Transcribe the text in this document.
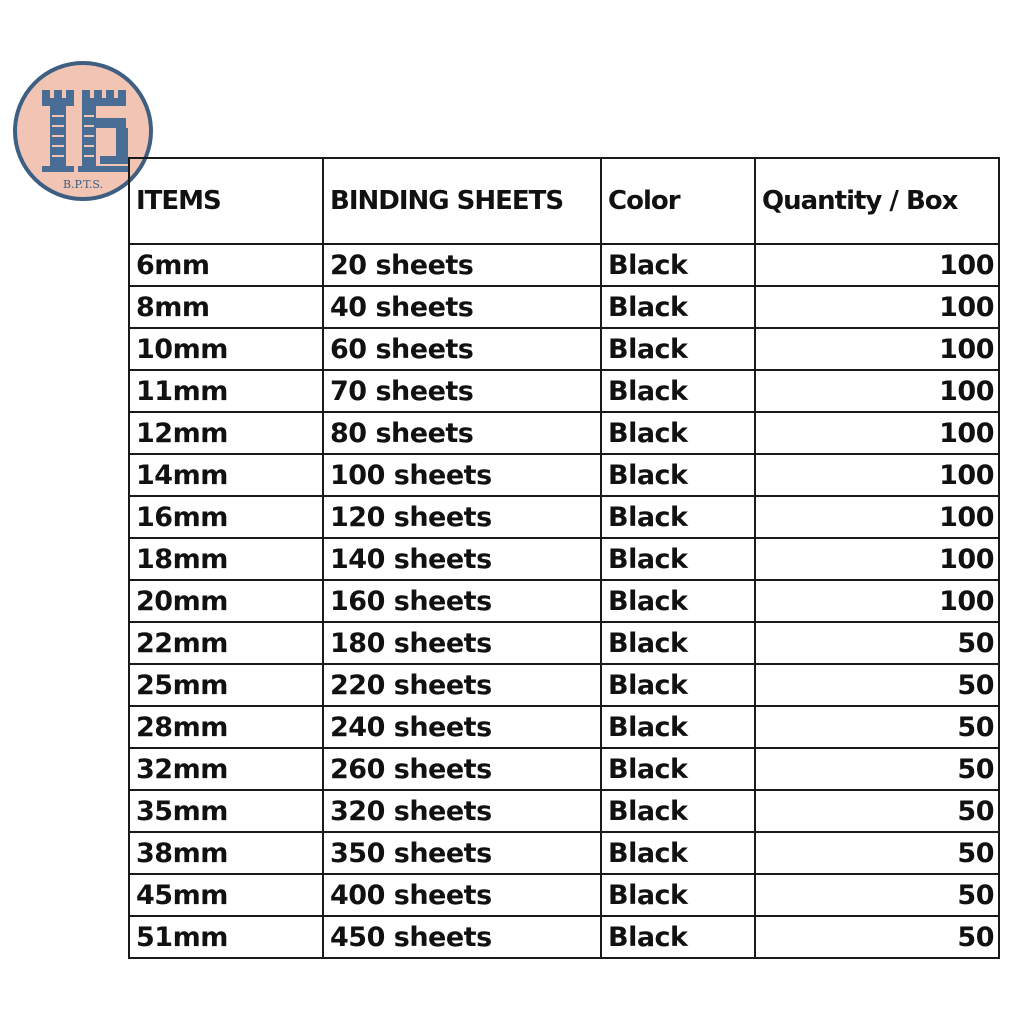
B.P.T.S.
ITEMS	BINDING SHEETS	Color	Quantity / Box
6mm	20 sheets	Black	100
8mm	40 sheets	Black	100
10mm	60 sheets	Black	100
11mm	70 sheets	Black	100
12mm	80 sheets	Black	100
14mm	100 sheets	Black	100
16mm	120 sheets	Black	100
18mm	140 sheets	Black	100
20mm	160 sheets	Black	100
22mm	180 sheets	Black	50
25mm	220 sheets	Black	50
28mm	240 sheets	Black	50
32mm	260 sheets	Black	50
35mm	320 sheets	Black	50
38mm	350 sheets	Black	50
45mm	400 sheets	Black	50
51mm	450 sheets	Black	50
